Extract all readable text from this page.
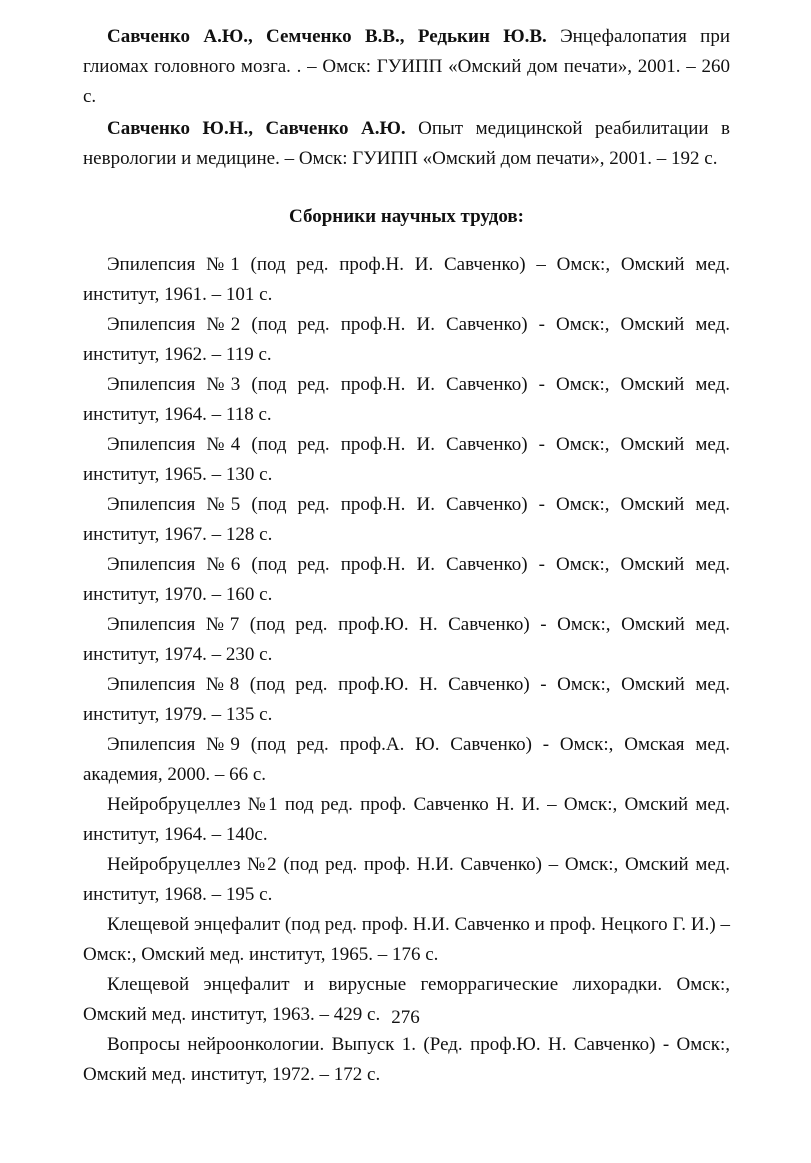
Савченко А.Ю., Семченко В.В., Редькин Ю.В. Энцефалопатия при глиомах головного мозга. . – Омск: ГУИПП «Омский дом печати», 2001. – 260 с.

Савченко Ю.Н., Савченко А.Ю. Опыт медицинской реабилитации в неврологии и медицине. – Омск: ГУИПП «Омский дом печати», 2001. – 192 с.

Сборники научных трудов:

Эпилепсия №1 (под ред. проф.Н. И. Савченко) – Омск:, Омский мед. институт, 1961. – 101 с.

Эпилепсия №2 (под ред. проф.Н. И. Савченко) - Омск:, Омский мед. институт, 1962. – 119 с.

Эпилепсия №3 (под ред. проф.Н. И. Савченко) - Омск:, Омский мед. институт, 1964. – 118 с.

Эпилепсия №4 (под ред. проф.Н. И. Савченко) - Омск:, Омский мед. институт, 1965. – 130 с.

Эпилепсия №5 (под ред. проф.Н. И. Савченко) - Омск:, Омский мед. институт, 1967. – 128 с.

Эпилепсия №6 (под ред. проф.Н. И. Савченко) - Омск:, Омский мед. институт, 1970. – 160 с.

Эпилепсия №7 (под ред. проф.Ю. Н. Савченко) - Омск:, Омский мед. институт, 1974. – 230 с.

Эпилепсия №8 (под ред. проф.Ю. Н. Савченко) - Омск:, Омский мед. институт, 1979. – 135 с.

Эпилепсия №9 (под ред. проф.А. Ю. Савченко) - Омск:, Омская мед. академия, 2000. – 66 с.

Нейробруцеллез №1 под ред. проф. Савченко Н. И. – Омск:, Омский мед. институт, 1964. – 140с.

Нейробруцеллез №2 (под ред. проф. Н.И. Савченко) – Омск:, Омский мед. институт, 1968. – 195 с.

Клещевой энцефалит (под ред. проф. Н.И. Савченко и проф. Нецкого Г. И.) – Омск:, Омский мед. институт, 1965. – 176 с.

Клещевой энцефалит и вирусные геморрагические лихорадки. Омск:, Омский мед. институт, 1963. – 429 с.

Вопросы нейроонкологии. Выпуск 1. (Ред. проф.Ю. Н. Савченко) - Омск:, Омский мед. институт, 1972. – 172 с.

276
